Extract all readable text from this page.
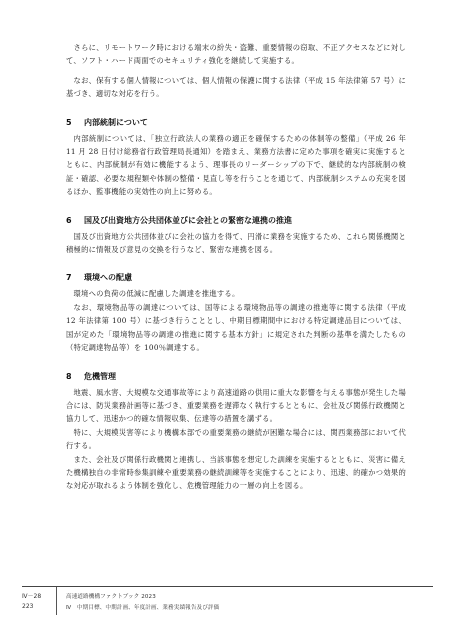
さらに、リモートワーク時における端末の紛失・盗難、重要情報の窃取、不正アクセスなどに対して、ソフト・ハード両面でのセキュリティ強化を継続して実施する。

なお、保有する個人情報については、個人情報の保護に関する法律（平成 15 年法律第 57 号）に基づき、適切な対応を行う。

5	内部統制について

内部統制については、「独立行政法人の業務の適正を確保するための体制等の整備」（平成 26 年 11 月 28 日付け総務省行政管理局長通知）を踏まえ、業務方法書に定めた事項を確実に実施するとともに、内部統制が有効に機能するよう、理事長のリーダーシップの下で、継続的な内部統制の検証・確認、必要な規程類や体制の整備・見直し等を行うことを通じて、内部統制システムの充実を図るほか、監事機能の実効性の向上に努める。

6	国及び出資地方公共団体並びに会社との緊密な連携の推進

国及び出資地方公共団体並びに会社の協力を得て、円滑に業務を実施するため、これら関係機関と積極的に情報及び意見の交換を行うなど、緊密な連携を図る。

7	環境への配慮

環境への負荷の低減に配慮した調達を推進する。

なお、環境物品等の調達については、国等による環境物品等の調達の推進等に関する法律（平成 12 年法律第 100 号）に基づき行うこととし、中期目標期間中における特定調達品目については、国が定めた「環境物品等の調達の推進に関する基本方針」に規定された判断の基準を満たしたもの（特定調達物品等）を 100％調達する。

8	危機管理

地震、風水害、大規模な交通事故等により高速道路の供用に重大な影響を与える事態が発生した場合には、防災業務計画等に基づき、重要業務を遅滞なく執行するとともに、会社及び関係行政機関と協力して、迅速かつ的確な情報収集、伝達等の措置を講ずる。

特に、大規模災害等により機構本部での重要業務の継続が困難な場合には、関西業務部において代行する。

また、会社及び関係行政機関と連携し、当該事態を想定した訓練を実施するとともに、災害に備えた機構独自の非常時参集訓練や重要業務の継続訓練等を実施することにより、迅速、的確かつ効果的な対応が取れるよう体制を強化し、危機管理能力の一層の向上を図る。

Ⅳ－28	高速道路機構ファクトブック 2023
223	Ⅳ　中期目標、中期計画、年度計画、業務実績報告及び評価
